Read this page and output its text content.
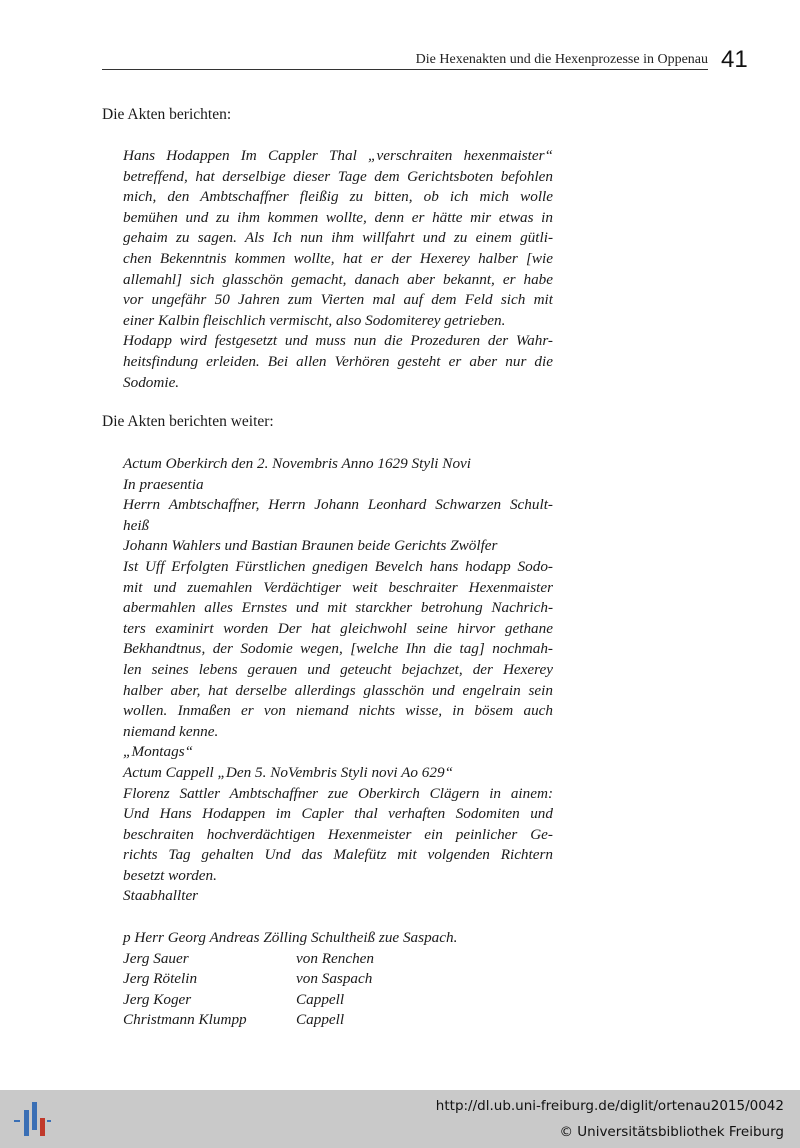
Die Hexenakten und die Hexenprozesse in Oppenau 41
Die Akten berichten:
Hans Hodappen Im Cappler Thal „verschraiten hexenmaister“
betreffend, hat derselbige dieser Tage dem Gerichtsboten befohlen
mich, den Ambtschaffner fleißig zu bitten, ob ich mich wolle
bemühen und zu ihm kommen wollte, denn er hätte mir etwas in
gehaim zu sagen. Als Ich nun ihm willfahrt und zu einem gütli-
chen Bekenntnis kommen wollte, hat er der Hexerey halber [wie
allemahl] sich glasschön gemacht, danach aber bekannt, er habe
vor ungefähr 50 Jahren zum Vierten mal auf dem Feld sich mit
einer Kalbin fleischlich vermischt, also Sodomiterey getrieben.
Hodapp wird festgesetzt und muss nun die Prozeduren der Wahr-
heitsfindung erleiden. Bei allen Verhören gesteht er aber nur die
Sodomie.
Die Akten berichten weiter:
Actum Oberkirch den 2. Novembris Anno 1629 Styli Novi
In praesentia
Herrn Ambtschaffner, Herrn Johann Leonhard Schwarzen Schult-
heiß
Johann Wahlers und Bastian Braunen beide Gerichts Zwölfer
Ist Uff Erfolgten Fürstlichen gnedigen Bevelch hans hodapp Sodo-
mit und zuemahlen Verdächtiger weit beschraiter Hexenmaister
abermahlen alles Ernstes und mit starckher betrohung Nachrich-
ters examinirt worden Der hat gleichwohl seine hirvor gethane
Bekhandtnus, der Sodomie wegen, [welche Ihn die tag] nochmah-
len seines lebens gerauen und geteucht bejachzet, der Hexerey
halber aber, hat derselbe allerdings glasschön und engelrain sein
wollen. Inmaßen er von niemand nichts wisse, in bösem auch
niemand kenne.
„Montags“
Actum Cappell „Den 5. NoVembris Styli novi Ao 629“
Florenz Sattler Ambtschaffner zue Oberkirch Clägern in ainem:
Und Hans Hodappen im Capler thal verhaften Sodomiten und
beschraiten hochverdächtigen Hexenmeister ein peinlicher Ge-
richts Tag gehalten Und das Malefütz mit volgenden Richtern
besetzt worden.
Staabhallter
p Herr Georg Andreas Zölling Schultheiß zue Saspach.
Jerg Sauer	von Renchen
Jerg Rötelin	von Saspach
Jerg Koger	Cappell
Christmann Klumpp	Cappell
http://dl.ub.uni-freiburg.de/diglit/ortenau2015/0042
© Universitätsbibliothek Freiburg
